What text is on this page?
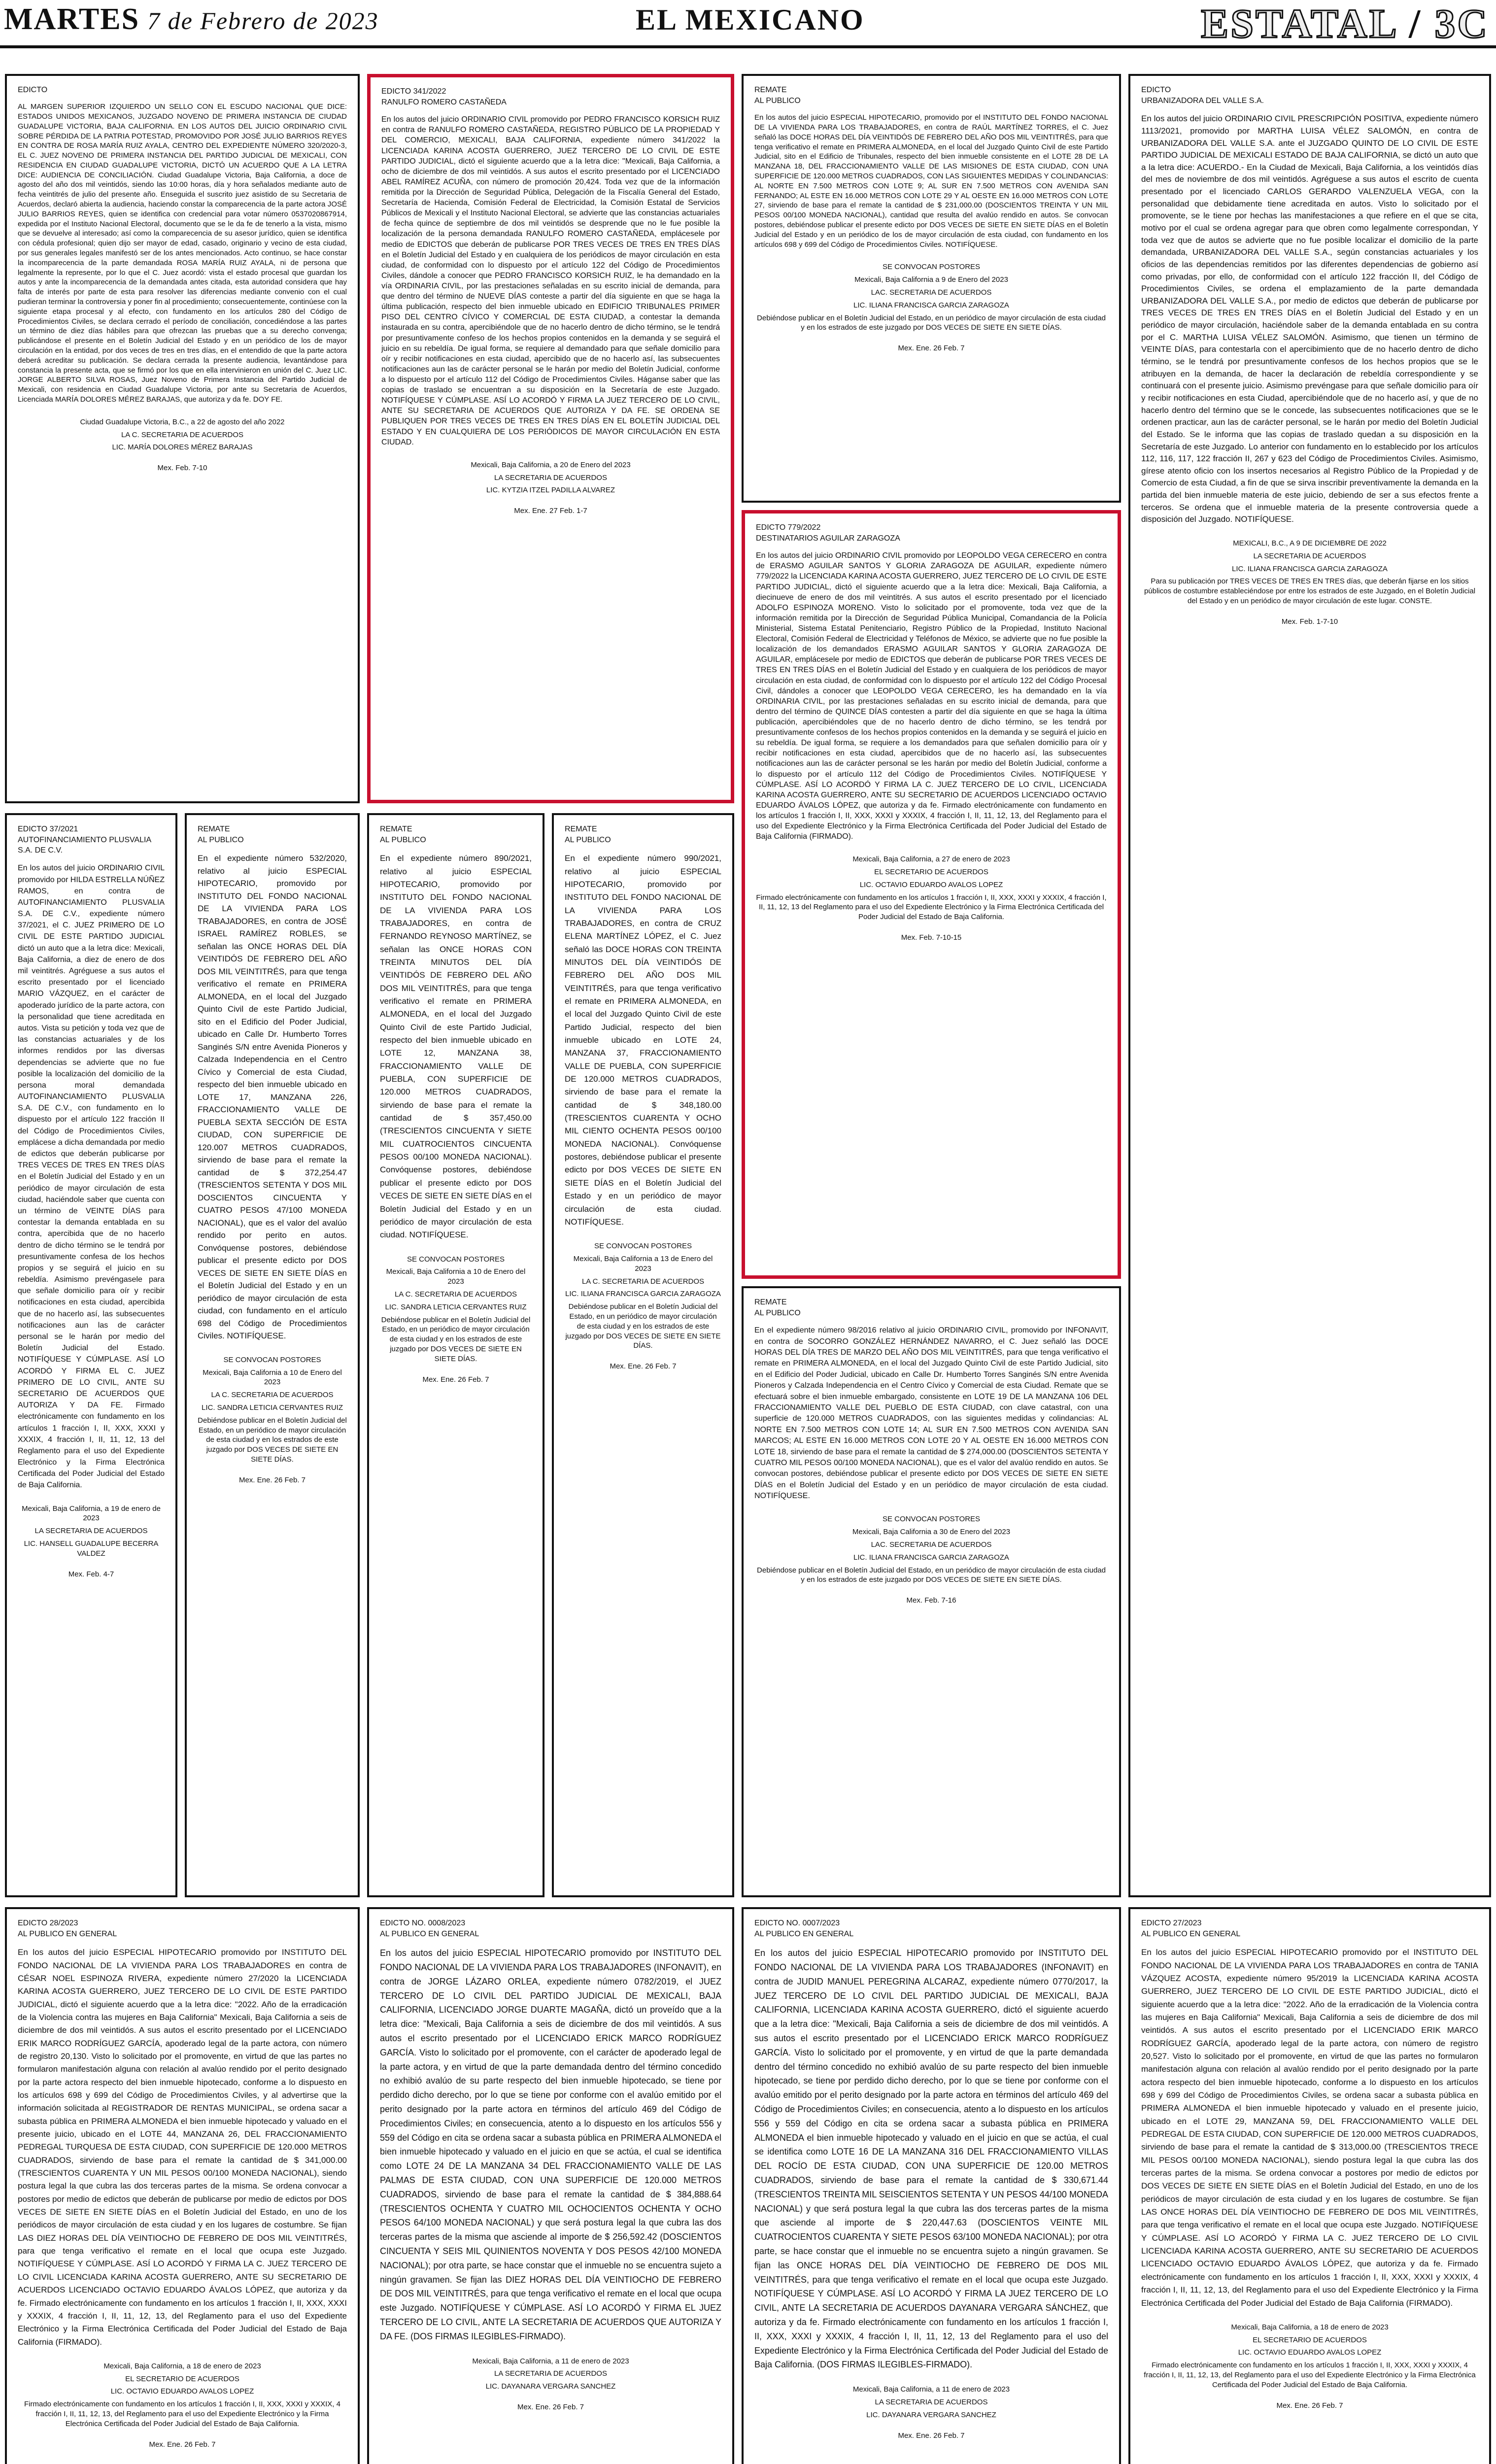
MARTES 7 de Febrero de 2023	EL MEXICANO	ESTATAL / 3C
EDICTO
AL MARGEN SUPERIOR IZQUIERDO UN SELLO CON EL ESCUDO NACIONAL QUE DICE: ESTADOS UNIDOS MEXICANOS, JUZGADO NOVENO DE PRIMERA INSTANCIA DE CIUDAD GUADALUPE VICTORIA, BAJA CALIFORNIA. EN LOS AUTOS DEL JUICIO ORDINARIO CIVIL SOBRE PÉRDIDA DE LA PATRIA POTESTAD, PROMOVIDO POR JOSÉ JULIO BARRIOS REYES EN CONTRA DE ROSA MARÍA RUIZ AYALA, CENTRO DEL EXPEDIENTE NÚMERO 320/2020-3, EL C. JUEZ NOVENO DE PRIMERA INSTANCIA DEL PARTIDO JUDICIAL DE MEXICALI, CON RESIDENCIA EN CIUDAD GUADALUPE VICTORIA, DICTÓ UN ACUERDO QUE A LA LETRA DICE: AUDIENCIA DE CONCILIACIÓN. Ciudad Guadalupe Victoria, Baja California, a doce de agosto del año dos mil veintidós, siendo las 10:00 horas, día y hora señalados mediante auto de fecha veintitrés de julio del presente año. Enseguida el suscrito juez asistido de su Secretaria de Acuerdos, declaró abierta la audiencia, haciendo constar la comparecencia de la parte actora JOSÉ JULIO BARRIOS REYES, quien se identifica con credencial para votar número 0537020867914, expedida por el Instituto Nacional Electoral, documento que se le da fe de tenerlo a la vista, mismo que se devuelve al interesado; así como la comparecencia de su asesor jurídico, quien se identifica con cédula profesional; quien dijo ser mayor de edad, casado, originario y vecino de esta ciudad, por sus generales legales manifestó ser de los antes mencionados. Acto continuo, se hace constar la incomparecencia de la parte demandada ROSA MARÍA RUIZ AYALA, ni de persona que legalmente la represente, por lo que el C. Juez acordó: vista el estado procesal que guardan los autos y ante la incomparecencia de la demandada antes citada, esta autoridad considera que hay falta de interés por parte de esta para resolver las diferencias mediante convenio con el cual pudieran terminar la controversia y poner fin al procedimiento; consecuentemente, continúese con la siguiente etapa procesal y al efecto, con fundamento en los artículos 280 del Código de Procedimientos Civiles, se declara cerrado el período de conciliación, concediéndose a las partes un término de diez días hábiles para que ofrezcan las pruebas que a su derecho convenga; publicándose el presente en el Boletín Judicial del Estado y en un periódico de los de mayor circulación en la entidad, por dos veces de tres en tres días, en el entendido de que la parte actora deberá acreditar su publicación. Se declara cerrada la presente audiencia, levantándose para constancia la presente acta, que se firmó por los que en ella intervinieron en unión del C. Juez LIC. JORGE ALBERTO SILVA ROSAS, Juez Noveno de Primera Instancia del Partido Judicial de Mexicali, con residencia en Ciudad Guadalupe Victoria, por ante su Secretaria de Acuerdos, Licenciada MARÍA DOLORES MÉREZ BARAJAS, que autoriza y da fe. DOY FE.
Ciudad Guadalupe Victoria, B.C., a 22 de agosto del año 2022
LA C. SECRETARIA DE ACUERDOS
LIC. MARÍA DOLORES MÉREZ BARAJAS
Mex. Feb. 7-10
EDICTO 341/2022
RANULFO ROMERO CASTAÑEDA
En los autos del juicio ORDINARIO CIVIL promovido por PEDRO FRANCISCO KORSICH RUIZ en contra de RANULFO ROMERO CASTAÑEDA, REGISTRO PÚBLICO DE LA PROPIEDAD Y DEL COMERCIO, MEXICALI, BAJA CALIFORNIA, expediente número 341/2022 la LICENCIADA KARINA ACOSTA GUERRERO, JUEZ TERCERO DE LO CIVIL DE ESTE PARTIDO JUDICIAL, dictó el siguiente acuerdo que a la letra dice: "Mexicali, Baja California, a ocho de diciembre de dos mil veintidós. A sus autos el escrito presentado por el LICENCIADO ABEL RAMÍREZ ACUÑA, con número de promoción 20,424. Toda vez que de la información remitida por la Dirección de Seguridad Pública, Delegación de la Fiscalía General del Estado, Secretaría de Hacienda, Comisión Federal de Electricidad, la Comisión Estatal de Servicios Públicos de Mexicali y el Instituto Nacional Electoral, se advierte que las constancias actuariales de fecha quince de septiembre de dos mil veintidós se desprende que no le fue posible la localización de la persona demandada RANULFO ROMERO CASTAÑEDA, emplácesele por medio de EDICTOS que deberán de publicarse POR TRES VECES DE TRES EN TRES DÍAS en el Boletín Judicial del Estado y en cualquiera de los periódicos de mayor circulación en esta ciudad, de conformidad con lo dispuesto por el artículo 122 del Código de Procedimientos Civiles, dándole a conocer que PEDRO FRANCISCO KORSICH RUIZ, le ha demandado en la vía ORDINARIA CIVIL, por las prestaciones señaladas en su escrito inicial de demanda, para que dentro del término de NUEVE DÍAS conteste a partir del día siguiente en que se haga la última publicación, respecto del bien inmueble ubicado en EDIFICIO TRIBUNALES PRIMER PISO DEL CENTRO CÍVICO Y COMERCIAL DE ESTA CIUDAD, a contestar la demanda instaurada en su contra, apercibiéndole que de no hacerlo dentro de dicho término, se le tendrá por presuntivamente confeso de los hechos propios contenidos en la demanda y se seguirá el juicio en su rebeldía. De igual forma, se requiere al demandado para que señale domicilio para oír y recibir notificaciones en esta ciudad, apercibido que de no hacerlo así, las subsecuentes notificaciones aun las de carácter personal se le harán por medio del Boletín Judicial, conforme a lo dispuesto por el artículo 112 del Código de Procedimientos Civiles. Háganse saber que las copias de traslado se encuentran a su disposición en la Secretaría de este Juzgado. NOTIFÍQUESE Y CÚMPLASE. ASÍ LO ACORDÓ Y FIRMA LA JUEZ TERCERO DE LO CIVIL, ANTE SU SECRETARIA DE ACUERDOS QUE AUTORIZA Y DA FE. SE ORDENA SE PUBLIQUEN POR TRES VECES DE TRES EN TRES DÍAS EN EL BOLETÍN JUDICIAL DEL ESTADO Y EN CUALQUIERA DE LOS PERIÓDICOS DE MAYOR CIRCULACIÓN EN ESTA CIUDAD.
Mexicali, Baja California, a 20 de Enero del 2023
LA SECRETARIA DE ACUERDOS
LIC. KYTZIA ITZEL PADILLA ALVAREZ
Mex. Ene. 27 Feb. 1-7
REMATE
AL PUBLICO
En los autos del juicio ESPECIAL HIPOTECARIO, promovido por el INSTITUTO DEL FONDO NACIONAL DE LA VIVIENDA PARA LOS TRABAJADORES, en contra de RAÚL MARTÍNEZ TORRES, el C. Juez señaló las DOCE HORAS DEL DÍA VEINTIDÓS DE FEBRERO DEL AÑO DOS MIL VEINTITRÉS, para que tenga verificativo el remate en PRIMERA ALMONEDA, en el local del Juzgado Quinto Civil de este Partido Judicial, sito en el Edificio de Tribunales, respecto del bien inmueble consistente en el LOTE 28 DE LA MANZANA 18, DEL FRACCIONAMIENTO VALLE DE LAS MISIONES DE ESTA CIUDAD, CON UNA SUPERFICIE DE 120.000 METROS CUADRADOS, CON LAS SIGUIENTES MEDIDAS Y COLINDANCIAS: AL NORTE EN 7.500 METROS CON LOTE 9; AL SUR EN 7.500 METROS CON AVENIDA SAN FERNANDO; AL ESTE EN 16.000 METROS CON LOTE 29 Y AL OESTE EN 16.000 METROS CON LOTE 27, sirviendo de base para el remate la cantidad de $ 231,000.00 (DOSCIENTOS TREINTA Y UN MIL PESOS 00/100 MONEDA NACIONAL), cantidad que resulta del avalúo rendido en autos. Se convocan postores, debiéndose publicar el presente edicto por DOS VECES DE SIETE EN SIETE DÍAS en el Boletín Judicial del Estado y en un periódico de los de mayor circulación de esta ciudad, con fundamento en los artículos 698 y 699 del Código de Procedimientos Civiles. NOTIFÍQUESE.
SE CONVOCAN POSTORES
Mexicali, Baja California a 9 de Enero del 2023
LAC. SECRETARIA DE ACUERDOS
LIC. ILIANA FRANCISCA GARCIA ZARAGOZA
Debiéndose publicar en el Boletín Judicial del Estado, en un periódico de mayor circulación de esta ciudad y en los estrados de este juzgado por DOS VECES DE SIETE EN SIETE DÍAS.
Mex. Ene. 26 Feb. 7
EDICTO
URBANIZADORA DEL VALLE S.A.
En los autos del juicio ORDINARIO CIVIL PRESCRIPCIÓN POSITIVA, expediente número 1113/2021, promovido por MARTHA LUISA VÉLEZ SALOMÓN, en contra de URBANIZADORA DEL VALLE S.A. ante el JUZGADO QUINTO DE LO CIVIL DE ESTE PARTIDO JUDICIAL DE MEXICALI ESTADO DE BAJA CALIFORNIA, se dictó un auto que a la letra dice: ACUERDO.- En la Ciudad de Mexicali, Baja California, a los veintidós días del mes de noviembre de dos mil veintidós. Agréguese a sus autos el escrito de cuenta presentado por el licenciado CARLOS GERARDO VALENZUELA VEGA, con la personalidad que debidamente tiene acreditada en autos. Visto lo solicitado por el promovente, se le tiene por hechas las manifestaciones a que refiere en el que se cita, motivo por el cual se ordena agregar para que obren como legalmente correspondan, Y toda vez que de autos se advierte que no fue posible localizar el domicilio de la parte demandada, URBANIZADORA DEL VALLE S.A., según constancias actuariales y los oficios de las dependencias remitidos por las diferentes dependencias de gobierno así como privadas, por ello, de conformidad con el artículo 122 fracción II, del Código de Procedimientos Civiles, se ordena el emplazamiento de la parte demandada URBANIZADORA DEL VALLE S.A., por medio de edictos que deberán de publicarse por TRES VECES DE TRES EN TRES DÍAS en el Boletín Judicial del Estado y en un periódico de mayor circulación, haciéndole saber de la demanda entablada en su contra por el C. MARTHA LUISA VÉLEZ SALOMÓN. Asimismo, que tienen un término de VEINTE DÍAS, para contestarla con el apercibimiento que de no hacerlo dentro de dicho término, se le tendrá por presuntivamente confesos de los hechos propios que se le atribuyen en la demanda, de hacer la declaración de rebeldía correspondiente y se continuará con el presente juicio. Asimismo prevéngase para que señale domicilio para oír y recibir notificaciones en esta Ciudad, apercibiéndole que de no hacerlo así, y que de no hacerlo dentro del término que se le concede, las subsecuentes notificaciones que se le ordenen practicar, aun las de carácter personal, se le harán por medio del Boletín Judicial del Estado. Se le informa que las copias de traslado quedan a su disposición en la Secretaría de este Juzgado. Lo anterior con fundamento en lo establecido por los artículos 112, 116, 117, 122 fracción II, 267 y 623 del Código de Procedimientos Civiles. Asimismo, gírese atento oficio con los insertos necesarios al Registro Público de la Propiedad y de Comercio de esta Ciudad, a fin de que se sirva inscribir preventivamente la demanda en la partida del bien inmueble materia de este juicio, debiendo de ser a sus efectos frente a terceros. Se ordena que el inmueble materia de la presente controversia quede a disposición del Juzgado. NOTIFÍQUESE.
MEXICALI, B.C., A 9 DE DICIEMBRE DE 2022
LA SECRETARIA DE ACUERDOS
LIC. ILIANA FRANCISCA GARCIA ZARAGOZA
Para su publicación por TRES VECES DE TRES EN TRES días, que deberán fijarse en los sitios públicos de costumbre estableciéndose por entre los estrados de este Juzgado, en el Boletín Judicial del Estado y en un periódico de mayor circulación de este lugar. CONSTE.
Mex. Feb. 1-7-10
EDICTO 779/2022
DESTINATARIOS AGUILAR ZARAGOZA
En los autos del juicio ORDINARIO CIVIL promovido por LEOPOLDO VEGA CERECERO en contra de ERASMO AGUILAR SANTOS Y GLORIA ZARAGOZA DE AGUILAR, expediente número 779/2022 la LICENCIADA KARINA ACOSTA GUERRERO, JUEZ TERCERO DE LO CIVIL DE ESTE PARTIDO JUDICIAL, dictó el siguiente acuerdo que a la letra dice: Mexicali, Baja California, a diecinueve de enero de dos mil veintitrés. A sus autos el escrito presentado por el licenciado ADOLFO ESPINOZA MORENO. Visto lo solicitado por el promovente, toda vez que de la información remitida por la Dirección de Seguridad Pública Municipal, Comandancia de la Policía Ministerial, Sistema Estatal Penitenciario, Registro Público de la Propiedad, Instituto Nacional Electoral, Comisión Federal de Electricidad y Teléfonos de México, se advierte que no fue posible la localización de los demandados ERASMO AGUILAR SANTOS Y GLORIA ZARAGOZA DE AGUILAR, emplácesele por medio de EDICTOS que deberán de publicarse POR TRES VECES DE TRES EN TRES DÍAS en el Boletín Judicial del Estado y en cualquiera de los periódicos de mayor circulación en esta ciudad, de conformidad con lo dispuesto por el artículo 122 del Código Procesal Civil, dándoles a conocer que LEOPOLDO VEGA CERECERO, les ha demandado en la vía ORDINARIA CIVIL, por las prestaciones señaladas en su escrito inicial de demanda, para que dentro del término de QUINCE DÍAS contesten a partir del día siguiente en que se haga la última publicación, apercibiéndoles que de no hacerlo dentro de dicho término, se les tendrá por presuntivamente confesos de los hechos propios contenidos en la demanda y se seguirá el juicio en su rebeldía. De igual forma, se requiere a los demandados para que señalen domicilio para oír y recibir notificaciones en esta ciudad, apercibidos que de no hacerlo así, las subsecuentes notificaciones aun las de carácter personal se les harán por medio del Boletín Judicial, conforme a lo dispuesto por el artículo 112 del Código de Procedimientos Civiles. NOTIFÍQUESE Y CÚMPLASE. ASÍ LO ACORDÓ Y FIRMA LA C. JUEZ TERCERO DE LO CIVIL, LICENCIADA KARINA ACOSTA GUERRERO, ANTE SU SECRETARIO DE ACUERDOS LICENCIADO OCTAVIO EDUARDO ÁVALOS LÓPEZ, que autoriza y da fe. Firmado electrónicamente con fundamento en los artículos 1 fracción I, II, XXX, XXXI y XXXIX, 4 fracción I, II, 11, 12, 13, del Reglamento para el uso del Expediente Electrónico y la Firma Electrónica Certificada del Poder Judicial del Estado de Baja California (FIRMADO).
Mexicali, Baja California, a 27 de enero de 2023
EL SECRETARIO DE ACUERDOS
LIC. OCTAVIO EDUARDO AVALOS LOPEZ
Firmado electrónicamente con fundamento en los artículos 1 fracción I, II, XXX, XXXI y XXXIX, 4 fracción I, II, 11, 12, 13 del Reglamento para el uso del Expediente Electrónico y la Firma Electrónica Certificada del Poder Judicial del Estado de Baja California.
Mex. Feb. 7-10-15
EDICTO 37/2021
AUTOFINANCIAMIENTO PLUSVALIA S.A. DE C.V.
En los autos del juicio ORDINARIO CIVIL promovido por HILDA ESTRELLA NÚÑEZ RAMOS, en contra de AUTOFINANCIAMIENTO PLUSVALIA S.A. DE C.V., expediente número 37/2021, el C. JUEZ PRIMERO DE LO CIVIL DE ESTE PARTIDO JUDICIAL dictó un auto que a la letra dice: Mexicali, Baja California, a diez de enero de dos mil veintitrés. Agréguese a sus autos el escrito presentado por el licenciado MARIO VÁZQUEZ, en el carácter de apoderado jurídico de la parte actora, con la personalidad que tiene acreditada en autos. Vista su petición y toda vez que de las constancias actuariales y de los informes rendidos por las diversas dependencias se advierte que no fue posible la localización del domicilio de la persona moral demandada AUTOFINANCIAMIENTO PLUSVALIA S.A. DE C.V., con fundamento en lo dispuesto por el artículo 122 fracción II del Código de Procedimientos Civiles, emplácese a dicha demandada por medio de edictos que deberán publicarse por TRES VECES DE TRES EN TRES DÍAS en el Boletín Judicial del Estado y en un periódico de mayor circulación de esta ciudad, haciéndole saber que cuenta con un término de VEINTE DÍAS para contestar la demanda entablada en su contra, apercibida que de no hacerlo dentro de dicho término se le tendrá por presuntivamente confesa de los hechos propios y se seguirá el juicio en su rebeldía. Asimismo prevéngasele para que señale domicilio para oír y recibir notificaciones en esta ciudad, apercibida que de no hacerlo así, las subsecuentes notificaciones aun las de carácter personal se le harán por medio del Boletín Judicial del Estado. NOTIFÍQUESE Y CÚMPLASE. ASÍ LO ACORDÓ Y FIRMA EL C. JUEZ PRIMERO DE LO CIVIL, ANTE SU SECRETARIO DE ACUERDOS QUE AUTORIZA Y DA FE. Firmado electrónicamente con fundamento en los artículos 1 fracción I, II, XXX, XXXI y XXXIX, 4 fracción I, II, 11, 12, 13 del Reglamento para el uso del Expediente Electrónico y la Firma Electrónica Certificada del Poder Judicial del Estado de Baja California.
Mexicali, Baja California, a 19 de enero de 2023
LA SECRETARIA DE ACUERDOS
LIC. HANSELL GUADALUPE BECERRA VALDEZ
Mex. Feb. 4-7
REMATE
AL PUBLICO
En el expediente número 532/2020, relativo al juicio ESPECIAL HIPOTECARIO, promovido por INSTITUTO DEL FONDO NACIONAL DE LA VIVIENDA PARA LOS TRABAJADORES, en contra de JOSÉ ISRAEL RAMÍREZ ROBLES, se señalan las ONCE HORAS DEL DÍA VEINTIDÓS DE FEBRERO DEL AÑO DOS MIL VEINTITRÉS, para que tenga verificativo el remate en PRIMERA ALMONEDA, en el local del Juzgado Quinto Civil de este Partido Judicial, sito en el Edificio del Poder Judicial, ubicado en Calle Dr. Humberto Torres Sanginés S/N entre Avenida Pioneros y Calzada Independencia en el Centro Cívico y Comercial de esta Ciudad, respecto del bien inmueble ubicado en LOTE 17, MANZANA 226, FRACCIONAMIENTO VALLE DE PUEBLA SEXTA SECCIÓN DE ESTA CIUDAD, CON SUPERFICIE DE 120.007 METROS CUADRADOS, sirviendo de base para el remate la cantidad de $ 372,254.47 (TRESCIENTOS SETENTA Y DOS MIL DOSCIENTOS CINCUENTA Y CUATRO PESOS 47/100 MONEDA NACIONAL), que es el valor del avalúo rendido por perito en autos. Convóquense postores, debiéndose publicar el presente edicto por DOS VECES DE SIETE EN SIETE DÍAS en el Boletín Judicial del Estado y en un periódico de mayor circulación de esta ciudad, con fundamento en el artículo 698 del Código de Procedimientos Civiles. NOTIFÍQUESE.
SE CONVOCAN POSTORES
Mexicali, Baja California a 10 de Enero del 2023
LA C. SECRETARIA DE ACUERDOS
LIC. SANDRA LETICIA CERVANTES RUIZ
Debiéndose publicar en el Boletín Judicial del Estado, en un periódico de mayor circulación de esta ciudad y en los estrados de este juzgado por DOS VECES DE SIETE EN SIETE DÍAS.
Mex. Ene. 26 Feb. 7
REMATE
AL PUBLICO
En el expediente número 890/2021, relativo al juicio ESPECIAL HIPOTECARIO, promovido por INSTITUTO DEL FONDO NACIONAL DE LA VIVIENDA PARA LOS TRABAJADORES, en contra de FERNANDO REYNOSO MARTÍNEZ, se señalan las ONCE HORAS CON TREINTA MINUTOS DEL DÍA VEINTIDÓS DE FEBRERO DEL AÑO DOS MIL VEINTITRÉS, para que tenga verificativo el remate en PRIMERA ALMONEDA, en el local del Juzgado Quinto Civil de este Partido Judicial, respecto del bien inmueble ubicado en LOTE 12, MANZANA 38, FRACCIONAMIENTO VALLE DE PUEBLA, CON SUPERFICIE DE 120.000 METROS CUADRADOS, sirviendo de base para el remate la cantidad de $ 357,450.00 (TRESCIENTOS CINCUENTA Y SIETE MIL CUATROCIENTOS CINCUENTA PESOS 00/100 MONEDA NACIONAL). Convóquense postores, debiéndose publicar el presente edicto por DOS VECES DE SIETE EN SIETE DÍAS en el Boletín Judicial del Estado y en un periódico de mayor circulación de esta ciudad. NOTIFÍQUESE.
SE CONVOCAN POSTORES
Mexicali, Baja California a 10 de Enero del 2023
LA C. SECRETARIA DE ACUERDOS
LIC. SANDRA LETICIA CERVANTES RUIZ
Debiéndose publicar en el Boletín Judicial del Estado, en un periódico de mayor circulación de esta ciudad y en los estrados de este juzgado por DOS VECES DE SIETE EN SIETE DÍAS.
Mex. Ene. 26 Feb. 7
REMATE
AL PUBLICO
En el expediente número 990/2021, relativo al juicio ESPECIAL HIPOTECARIO, promovido por INSTITUTO DEL FONDO NACIONAL DE LA VIVIENDA PARA LOS TRABAJADORES, en contra de CRUZ ELENA MARTÍNEZ LÓPEZ, el C. Juez señaló las DOCE HORAS CON TREINTA MINUTOS DEL DÍA VEINTIDÓS DE FEBRERO DEL AÑO DOS MIL VEINTITRÉS, para que tenga verificativo el remate en PRIMERA ALMONEDA, en el local del Juzgado Quinto Civil de este Partido Judicial, respecto del bien inmueble ubicado en LOTE 24, MANZANA 37, FRACCIONAMIENTO VALLE DE PUEBLA, CON SUPERFICIE DE 120.000 METROS CUADRADOS, sirviendo de base para el remate la cantidad de $ 348,180.00 (TRESCIENTOS CUARENTA Y OCHO MIL CIENTO OCHENTA PESOS 00/100 MONEDA NACIONAL). Convóquense postores, debiéndose publicar el presente edicto por DOS VECES DE SIETE EN SIETE DÍAS en el Boletín Judicial del Estado y en un periódico de mayor circulación de esta ciudad. NOTIFÍQUESE.
SE CONVOCAN POSTORES
Mexicali, Baja California a 13 de Enero del 2023
LA C. SECRETARIA DE ACUERDOS
LIC. ILIANA FRANCISCA GARCIA ZARAGOZA
Debiéndose publicar en el Boletín Judicial del Estado, en un periódico de mayor circulación de esta ciudad y en los estrados de este juzgado por DOS VECES DE SIETE EN SIETE DÍAS.
Mex. Ene. 26 Feb. 7
REMATE
AL PUBLICO
En el expediente número 98/2016 relativo al juicio ORDINARIO CIVIL, promovido por INFONAVIT, en contra de SOCORRO GONZÁLEZ HERNÁNDEZ NAVARRO, el C. Juez señaló las DOCE HORAS DEL DÍA TRES DE MARZO DEL AÑO DOS MIL VEINTITRÉS, para que tenga verificativo el remate en PRIMERA ALMONEDA, en el local del Juzgado Quinto Civil de este Partido Judicial, sito en el Edificio del Poder Judicial, ubicado en Calle Dr. Humberto Torres Sanginés S/N entre Avenida Pioneros y Calzada Independencia en el Centro Cívico y Comercial de esta Ciudad. Remate que se efectuará sobre el bien inmueble embargado, consistente en LOTE 19 DE LA MANZANA 106 DEL FRACCIONAMIENTO VALLE DEL PUEBLO DE ESTA CIUDAD, con clave catastral, con una superficie de 120.000 METROS CUADRADOS, con las siguientes medidas y colindancias: AL NORTE EN 7.500 METROS CON LOTE 14; AL SUR EN 7.500 METROS CON AVENIDA SAN MARCOS; AL ESTE EN 16.000 METROS CON LOTE 20 Y AL OESTE EN 16.000 METROS CON LOTE 18, sirviendo de base para el remate la cantidad de $ 274,000.00 (DOSCIENTOS SETENTA Y CUATRO MIL PESOS 00/100 MONEDA NACIONAL), que es el valor del avalúo rendido en autos. Se convocan postores, debiéndose publicar el presente edicto por DOS VECES DE SIETE EN SIETE DÍAS en el Boletín Judicial del Estado y en un periódico de mayor circulación de esta ciudad. NOTIFÍQUESE.
SE CONVOCAN POSTORES
Mexicali, Baja California a 30 de Enero del 2023
LAC. SECRETARIA DE ACUERDOS
LIC. ILIANA FRANCISCA GARCIA ZARAGOZA
Debiéndose publicar en el Boletín Judicial del Estado, en un periódico de mayor circulación de esta ciudad y en los estrados de este juzgado por DOS VECES DE SIETE EN SIETE DÍAS.
Mex. Feb. 7-16
EDICTO 28/2023
AL PUBLICO EN GENERAL
En los autos del juicio ESPECIAL HIPOTECARIO promovido por INSTITUTO DEL FONDO NACIONAL DE LA VIVIENDA PARA LOS TRABAJADORES en contra de CÉSAR NOEL ESPINOZA RIVERA, expediente número 27/2020 la LICENCIADA KARINA ACOSTA GUERRERO, JUEZ TERCERO DE LO CIVIL DE ESTE PARTIDO JUDICIAL, dictó el siguiente acuerdo que a la letra dice: "2022. Año de la erradicación de la Violencia contra las mujeres en Baja California" Mexicali, Baja California a seis de diciembre de dos mil veintidós. A sus autos el escrito presentado por el LICENCIADO ERIK MARCO RODRÍGUEZ GARCÍA, apoderado legal de la parte actora, con número de registro 20,130. Visto lo solicitado por el promovente, en virtud de que las partes no formularon manifestación alguna con relación al avalúo rendido por el perito designado por la parte actora respecto del bien inmueble hipotecado, conforme a lo dispuesto en los artículos 698 y 699 del Código de Procedimientos Civiles, y al advertirse que la información solicitada al REGISTRADOR DE RENTAS MUNICIPAL, se ordena sacar a subasta pública en PRIMERA ALMONEDA el bien inmueble hipotecado y valuado en el presente juicio, ubicado en el LOTE 44, MANZANA 26, DEL FRACCIONAMIENTO PEDREGAL TURQUESA DE ESTA CIUDAD, CON SUPERFICIE DE 120.000 METROS CUADRADOS, sirviendo de base para el remate la cantidad de $ 341,000.00 (TRESCIENTOS CUARENTA Y UN MIL PESOS 00/100 MONEDA NACIONAL), siendo postura legal la que cubra las dos terceras partes de la misma. Se ordena convocar a postores por medio de edictos que deberán de publicarse por medio de edictos por DOS VECES DE SIETE EN SIETE DÍAS en el Boletín Judicial del Estado, en uno de los periódicos de mayor circulación de esta ciudad y en los lugares de costumbre. Se fijan LAS DIEZ HORAS DEL DÍA VEINTIOCHO DE FEBRERO DE DOS MIL VEINTITRÉS, para que tenga verificativo el remate en el local que ocupa este Juzgado. NOTIFÍQUESE Y CÚMPLASE. ASÍ LO ACORDÓ Y FIRMA LA C. JUEZ TERCERO DE LO CIVIL LICENCIADA KARINA ACOSTA GUERRERO, ANTE SU SECRETARIO DE ACUERDOS LICENCIADO OCTAVIO EDUARDO ÁVALOS LÓPEZ, que autoriza y da fe. Firmado electrónicamente con fundamento en los artículos 1 fracción I, II, XXX, XXXI y XXXIX, 4 fracción I, II, 11, 12, 13, del Reglamento para el uso del Expediente Electrónico y la Firma Electrónica Certificada del Poder Judicial del Estado de Baja California (FIRMADO).
Mexicali, Baja California, a 18 de enero de 2023
EL SECRETARIO DE ACUERDOS
LIC. OCTAVIO EDUARDO AVALOS LOPEZ
Firmado electrónicamente con fundamento en los artículos 1 fracción I, II, XXX, XXXI y XXXIX, 4 fracción I, II, 11, 12, 13, del Reglamento para el uso del Expediente Electrónico y la Firma Electrónica Certificada del Poder Judicial del Estado de Baja California.
Mex. Ene. 26 Feb. 7
EDICTO NO. 0008/2023
AL PUBLICO EN GENERAL
En los autos del juicio ESPECIAL HIPOTECARIO promovido por INSTITUTO DEL FONDO NACIONAL DE LA VIVIENDA PARA LOS TRABAJADORES (INFONAVIT), en contra de JORGE LÁZARO ORLEA, expediente número 0782/2019, el JUEZ TERCERO DE LO CIVIL DEL PARTIDO JUDICIAL DE MEXICALI, BAJA CALIFORNIA, LICENCIADO JORGE DUARTE MAGAÑA, dictó un proveído que a la letra dice: "Mexicali, Baja California a seis de diciembre de dos mil veintidós. A sus autos el escrito presentado por el LICENCIADO ERICK MARCO RODRÍGUEZ GARCÍA. Visto lo solicitado por el promovente, con el carácter de apoderado legal de la parte actora, y en virtud de que la parte demandada dentro del término concedido no exhibió avalúo de su parte respecto del bien inmueble hipotecado, se tiene por perdido dicho derecho, por lo que se tiene por conforme con el avalúo emitido por el perito designado por la parte actora en términos del artículo 469 del Código de Procedimientos Civiles; en consecuencia, atento a lo dispuesto en los artículos 556 y 559 del Código en cita se ordena sacar a subasta pública en PRIMERA ALMONEDA el bien inmueble hipotecado y valuado en el juicio en que se actúa, el cual se identifica como LOTE 24 DE LA MANZANA 34 DEL FRACCIONAMIENTO VALLE DE LAS PALMAS DE ESTA CIUDAD, CON UNA SUPERFICIE DE 120.000 METROS CUADRADOS, sirviendo de base para el remate la cantidad de $ 384,888.64 (TRESCIENTOS OCHENTA Y CUATRO MIL OCHOCIENTOS OCHENTA Y OCHO PESOS 64/100 MONEDA NACIONAL) y que será postura legal la que cubra las dos terceras partes de la misma que asciende al importe de $ 256,592.42 (DOSCIENTOS CINCUENTA Y SEIS MIL QUINIENTOS NOVENTA Y DOS PESOS 42/100 MONEDA NACIONAL); por otra parte, se hace constar que el inmueble no se encuentra sujeto a ningún gravamen. Se fijan las DIEZ HORAS DEL DÍA VEINTIOCHO DE FEBRERO DE DOS MIL VEINTITRÉS, para que tenga verificativo el remate en el local que ocupa este Juzgado. NOTIFÍQUESE Y CÚMPLASE. ASÍ LO ACORDÓ Y FIRMA EL JUEZ TERCERO DE LO CIVIL, ANTE LA SECRETARIA DE ACUERDOS QUE AUTORIZA Y DA FE. (DOS FIRMAS ILEGIBLES-FIRMADO).
Mexicali, Baja California, a 11 de enero de 2023
LA SECRETARIA DE ACUERDOS
LIC. DAYANARA VERGARA SANCHEZ
Mex. Ene. 26 Feb. 7
EDICTO NO. 0007/2023
AL PUBLICO EN GENERAL
En los autos del juicio ESPECIAL HIPOTECARIO promovido por INSTITUTO DEL FONDO NACIONAL DE LA VIVIENDA PARA LOS TRABAJADORES (INFONAVIT) en contra de JUDID MANUEL PEREGRINA ALCARAZ, expediente número 0770/2017, la JUEZ TERCERO DE LO CIVIL DEL PARTIDO JUDICIAL DE MEXICALI, BAJA CALIFORNIA, LICENCIADA KARINA ACOSTA GUERRERO, dictó el siguiente acuerdo que a la letra dice: "Mexicali, Baja California a seis de diciembre de dos mil veintidós. A sus autos el escrito presentado por el LICENCIADO ERICK MARCO RODRÍGUEZ GARCÍA. Visto lo solicitado por el promovente, y en virtud de que la parte demandada dentro del término concedido no exhibió avalúo de su parte respecto del bien inmueble hipotecado, se tiene por perdido dicho derecho, por lo que se tiene por conforme con el avalúo emitido por el perito designado por la parte actora en términos del artículo 469 del Código de Procedimientos Civiles; en consecuencia, atento a lo dispuesto en los artículos 556 y 559 del Código en cita se ordena sacar a subasta pública en PRIMERA ALMONEDA el bien inmueble hipotecado y valuado en el juicio en que se actúa, el cual se identifica como LOTE 16 DE LA MANZANA 316 DEL FRACCIONAMIENTO VILLAS DEL ROCÍO DE ESTA CIUDAD, CON UNA SUPERFICIE DE 120.00 METROS CUADRADOS, sirviendo de base para el remate la cantidad de $ 330,671.44 (TRESCIENTOS TREINTA MIL SEISCIENTOS SETENTA Y UN PESOS 44/100 MONEDA NACIONAL) y que será postura legal la que cubra las dos terceras partes de la misma que asciende al importe de $ 220,447.63 (DOSCIENTOS VEINTE MIL CUATROCIENTOS CUARENTA Y SIETE PESOS 63/100 MONEDA NACIONAL); por otra parte, se hace constar que el inmueble no se encuentra sujeto a ningún gravamen. Se fijan las ONCE HORAS DEL DÍA VEINTIOCHO DE FEBRERO DE DOS MIL VEINTITRÉS, para que tenga verificativo el remate en el local que ocupa este Juzgado. NOTIFÍQUESE Y CÚMPLASE. ASÍ LO ACORDÓ Y FIRMA LA JUEZ TERCERO DE LO CIVIL, ANTE LA SECRETARIA DE ACUERDOS DAYANARA VERGARA SÁNCHEZ, que autoriza y da fe. Firmado electrónicamente con fundamento en los artículos 1 fracción I, II, XXX, XXXI y XXXIX, 4 fracción I, II, 11, 12, 13 del Reglamento para el uso del Expediente Electrónico y la Firma Electrónica Certificada del Poder Judicial del Estado de Baja California. (DOS FIRMAS ILEGIBLES-FIRMADO).
Mexicali, Baja California, a 11 de enero de 2023
LA SECRETARIA DE ACUERDOS
LIC. DAYANARA VERGARA SANCHEZ
Mex. Ene. 26 Feb. 7
EDICTO 27/2023
AL PUBLICO EN GENERAL
En los autos del juicio ESPECIAL HIPOTECARIO promovido por el INSTITUTO DEL FONDO NACIONAL DE LA VIVIENDA PARA LOS TRABAJADORES en contra de TANIA VÁZQUEZ ACOSTA, expediente número 95/2019 la LICENCIADA KARINA ACOSTA GUERRERO, JUEZ TERCERO DE LO CIVIL DE ESTE PARTIDO JUDICIAL, dictó el siguiente acuerdo que a la letra dice: "2022. Año de la erradicación de la Violencia contra las mujeres en Baja California" Mexicali, Baja California a seis de diciembre de dos mil veintidós. A sus autos el escrito presentado por el LICENCIADO ERIK MARCO RODRÍGUEZ GARCÍA, apoderado legal de la parte actora, con número de registro 20,527. Visto lo solicitado por el promovente, en virtud de que las partes no formularon manifestación alguna con relación al avalúo rendido por el perito designado por la parte actora respecto del bien inmueble hipotecado, conforme a lo dispuesto en los artículos 698 y 699 del Código de Procedimientos Civiles, se ordena sacar a subasta pública en PRIMERA ALMONEDA el bien inmueble hipotecado y valuado en el presente juicio, ubicado en el LOTE 29, MANZANA 59, DEL FRACCIONAMIENTO VALLE DEL PEDREGAL DE ESTA CIUDAD, CON SUPERFICIE DE 120.000 METROS CUADRADOS, sirviendo de base para el remate la cantidad de $ 313,000.00 (TRESCIENTOS TRECE MIL PESOS 00/100 MONEDA NACIONAL), siendo postura legal la que cubra las dos terceras partes de la misma. Se ordena convocar a postores por medio de edictos por DOS VECES DE SIETE EN SIETE DÍAS en el Boletín Judicial del Estado, en uno de los periódicos de mayor circulación de esta ciudad y en los lugares de costumbre. Se fijan LAS ONCE HORAS DEL DÍA VEINTIOCHO DE FEBRERO DE DOS MIL VEINTITRÉS, para que tenga verificativo el remate en el local que ocupa este Juzgado. NOTIFÍQUESE Y CÚMPLASE. ASÍ LO ACORDÓ Y FIRMA LA C. JUEZ TERCERO DE LO CIVIL LICENCIADA KARINA ACOSTA GUERRERO, ANTE SU SECRETARIO DE ACUERDOS LICENCIADO OCTAVIO EDUARDO ÁVALOS LÓPEZ, que autoriza y da fe. Firmado electrónicamente con fundamento en los artículos 1 fracción I, II, XXX, XXXI y XXXIX, 4 fracción I, II, 11, 12, 13, del Reglamento para el uso del Expediente Electrónico y la Firma Electrónica Certificada del Poder Judicial del Estado de Baja California (FIRMADO).
Mexicali, Baja California, a 18 de enero de 2023
EL SECRETARIO DE ACUERDOS
LIC. OCTAVIO EDUARDO AVALOS LOPEZ
Firmado electrónicamente con fundamento en los artículos 1 fracción I, II, XXX, XXXI y XXXIX, 4 fracción I, II, 11, 12, 13, del Reglamento para el uso del Expediente Electrónico y la Firma Electrónica Certificada del Poder Judicial del Estado de Baja California.
Mex. Ene. 26 Feb. 7
